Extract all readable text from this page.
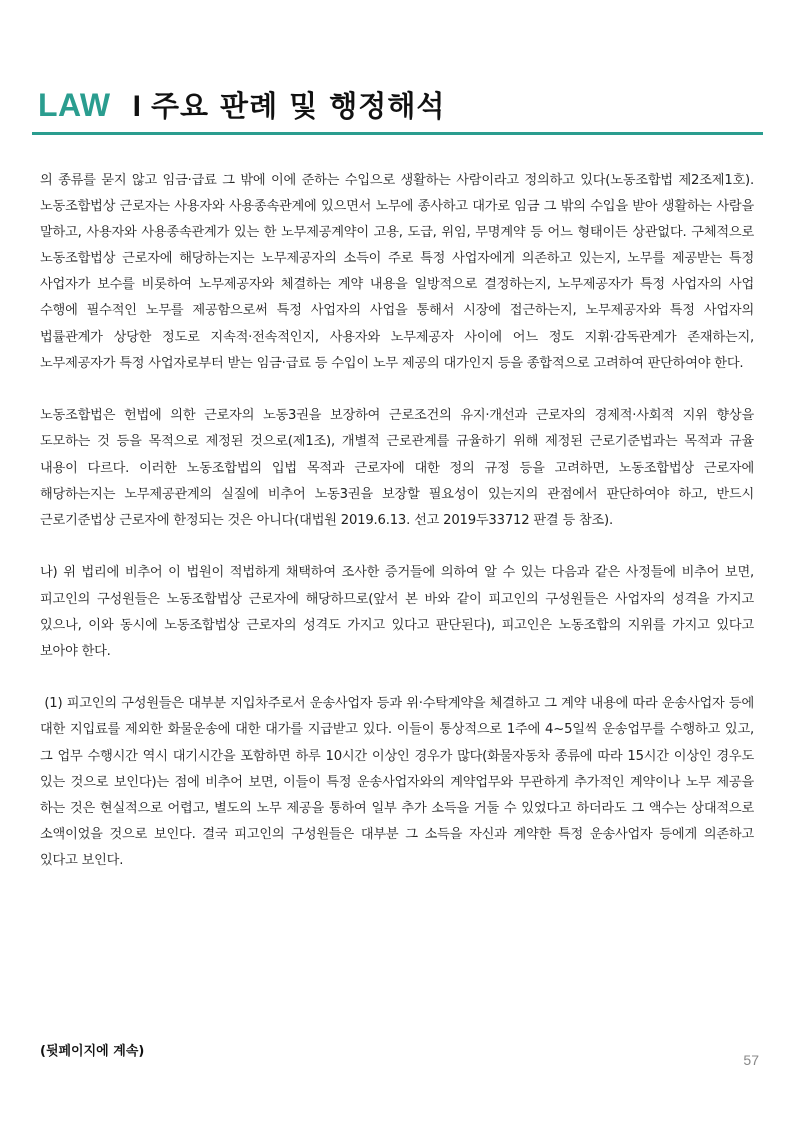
LAW I 주요 판례 및 행정해석

의 종류를 묻지 않고 임금·급료 그 밖에 이에 준하는 수입으로 생활하는 사람이라고 정의하고 있다(노동조합법 제2조제1호). 노동조합법상 근로자는 사용자와 사용종속관계에 있으면서 노무에 종사하고 대가로 임금 그 밖의 수입을 받아 생활하는 사람을 말하고, 사용자와 사용종속관계가 있는 한 노무제공계약이 고용, 도급, 위임, 무명계약 등 어느 형태이든 상관없다. 구체적으로 노동조합법상 근로자에 해당하는지는 노무제공자의 소득이 주로 특정 사업자에게 의존하고 있는지, 노무를 제공받는 특정 사업자가 보수를 비롯하여 노무제공자와 체결하는 계약 내용을 일방적으로 결정하는지, 노무제공자가 특정 사업자의 사업 수행에 필수적인 노무를 제공함으로써 특정 사업자의 사업을 통해서 시장에 접근하는지, 노무제공자와 특정 사업자의 법률관계가 상당한 정도로 지속적·전속적인지, 사용자와 노무제공자 사이에 어느 정도 지휘·감독관계가 존재하는지, 노무제공자가 특정 사업자로부터 받는 임금·급료 등 수입이 노무 제공의 대가인지 등을 종합적으로 고려하여 판단하여야 한다.

노동조합법은 헌법에 의한 근로자의 노동3권을 보장하여 근로조건의 유지·개선과 근로자의 경제적·사회적 지위 향상을 도모하는 것 등을 목적으로 제정된 것으로(제1조), 개별적 근로관계를 규율하기 위해 제정된 근로기준법과는 목적과 규율 내용이 다르다. 이러한 노동조합법의 입법 목적과 근로자에 대한 정의 규정 등을 고려하면, 노동조합법상 근로자에 해당하는지는 노무제공관계의 실질에 비추어 노동3권을 보장할 필요성이 있는지의 관점에서 판단하여야 하고, 반드시 근로기준법상 근로자에 한정되는 것은 아니다(대법원 2019.6.13. 선고 2019두33712 판결 등 참조).

나) 위 법리에 비추어 이 법원이 적법하게 채택하여 조사한 증거들에 의하여 알 수 있는 다음과 같은 사정들에 비추어 보면, 피고인의 구성원들은 노동조합법상 근로자에 해당하므로(앞서 본 바와 같이 피고인의 구성원들은 사업자의 성격을 가지고 있으나, 이와 동시에 노동조합법상 근로자의 성격도 가지고 있다고 판단된다), 피고인은 노동조합의 지위를 가지고 있다고 보아야 한다.

(1) 피고인의 구성원들은 대부분 지입차주로서 운송사업자 등과 위·수탁계약을 체결하고 그 계약 내용에 따라 운송사업자 등에 대한 지입료를 제외한 화물운송에 대한 대가를 지급받고 있다. 이들이 통상적으로 1주에 4~5일씩 운송업무를 수행하고 있고, 그 업무 수행시간 역시 대기시간을 포함하면 하루 10시간 이상인 경우가 많다(화물자동차 종류에 따라 15시간 이상인 경우도 있는 것으로 보인다)는 점에 비추어 보면, 이들이 특정 운송사업자와의 계약업무와 무관하게 추가적인 계약이나 노무 제공을 하는 것은 현실적으로 어렵고, 별도의 노무 제공을 통하여 일부 추가 소득을 거둘 수 있었다고 하더라도 그 액수는 상대적으로 소액이었을 것으로 보인다. 결국 피고인의 구성원들은 대부분 그 소득을 자신과 계약한 특정 운송사업자 등에게 의존하고 있다고 보인다.

(뒷페이지에 계속)
57
